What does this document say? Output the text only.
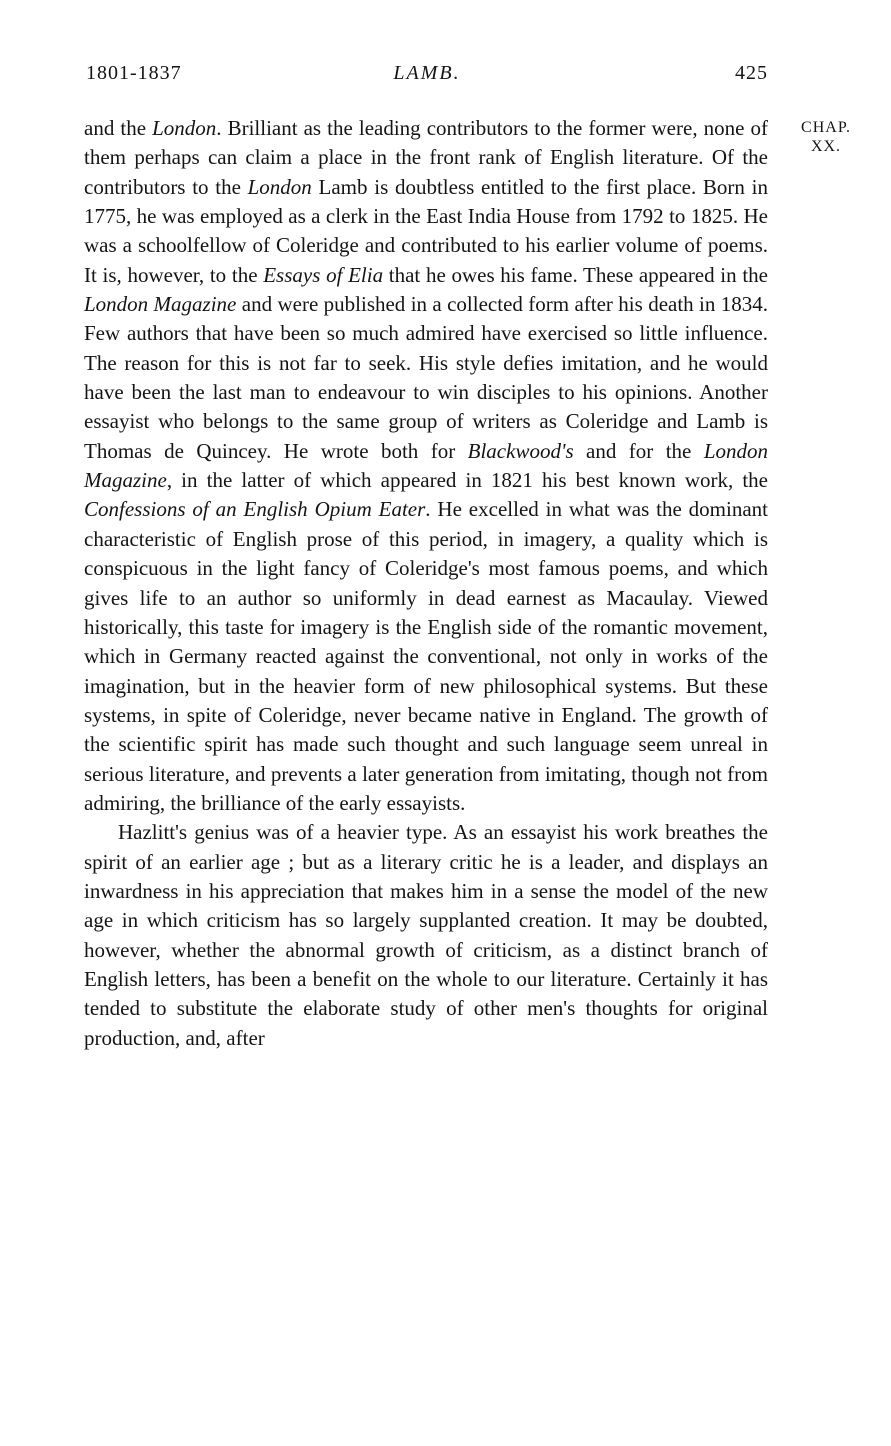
1801-1837	LAMB.	425
CHAP.
XX.

and the London. Brilliant as the leading contributors to the former were, none of them perhaps can claim a place in the front rank of English literature. Of the contributors to the London Lamb is doubtless entitled to the first place. Born in 1775, he was employed as a clerk in the East India House from 1792 to 1825. He was a schoolfellow of Coleridge and contributed to his earlier volume of poems. It is, however, to the Essays of Elia that he owes his fame. These appeared in the London Magazine and were published in a collected form after his death in 1834. Few authors that have been so much admired have exercised so little influence. The reason for this is not far to seek. His style defies imitation, and he would have been the last man to endeavour to win disciples to his opinions. Another essayist who belongs to the same group of writers as Coleridge and Lamb is Thomas de Quincey. He wrote both for Blackwood's and for the London Magazine, in the latter of which appeared in 1821 his best known work, the Confessions of an English Opium Eater. He excelled in what was the dominant characteristic of English prose of this period, in imagery, a quality which is conspicuous in the light fancy of Coleridge's most famous poems, and which gives life to an author so uniformly in dead earnest as Macaulay. Viewed historically, this taste for imagery is the English side of the romantic movement, which in Germany reacted against the conventional, not only in works of the imagination, but in the heavier form of new philosophical systems. But these systems, in spite of Coleridge, never became native in England. The growth of the scientific spirit has made such thought and such language seem unreal in serious literature, and prevents a later generation from imitating, though not from admiring, the brilliance of the early essayists.

Hazlitt's genius was of a heavier type. As an essayist his work breathes the spirit of an earlier age ; but as a literary critic he is a leader, and displays an inwardness in his appreciation that makes him in a sense the model of the new age in which criticism has so largely supplanted creation. It may be doubted, however, whether the abnormal growth of criticism, as a distinct branch of English letters, has been a benefit on the whole to our literature. Certainly it has tended to substitute the elaborate study of other men's thoughts for original production, and, after
